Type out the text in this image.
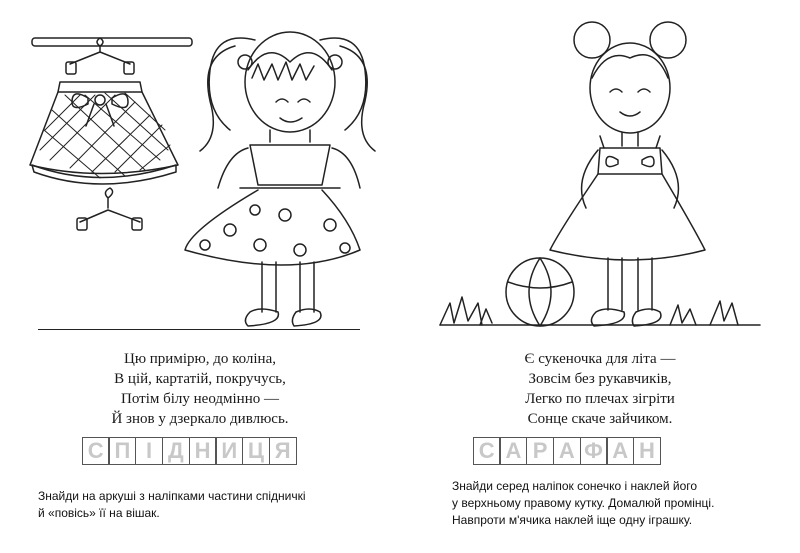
Цю примірю, до коліна,
В цій, картатій, покручусь,
Потім білу неодмінно —
Й знов у дзеркало дивлюсь.
С П І Д Н И Ц Я
Знайди на аркуші з наліпками частини спідничкі
й «повісь» її на вішак.
Є сукеночка для літа —
Зовсім без рукавчиків,
Легко по плечах зігріти
Сонце скаче зайчиком.
С А Р А Ф А Н
Знайди серед наліпок сонечко і наклей його
у верхньому правому кутку. Домалюй промінці.
Навпроти м'ячика наклей іще одну іграшку.
